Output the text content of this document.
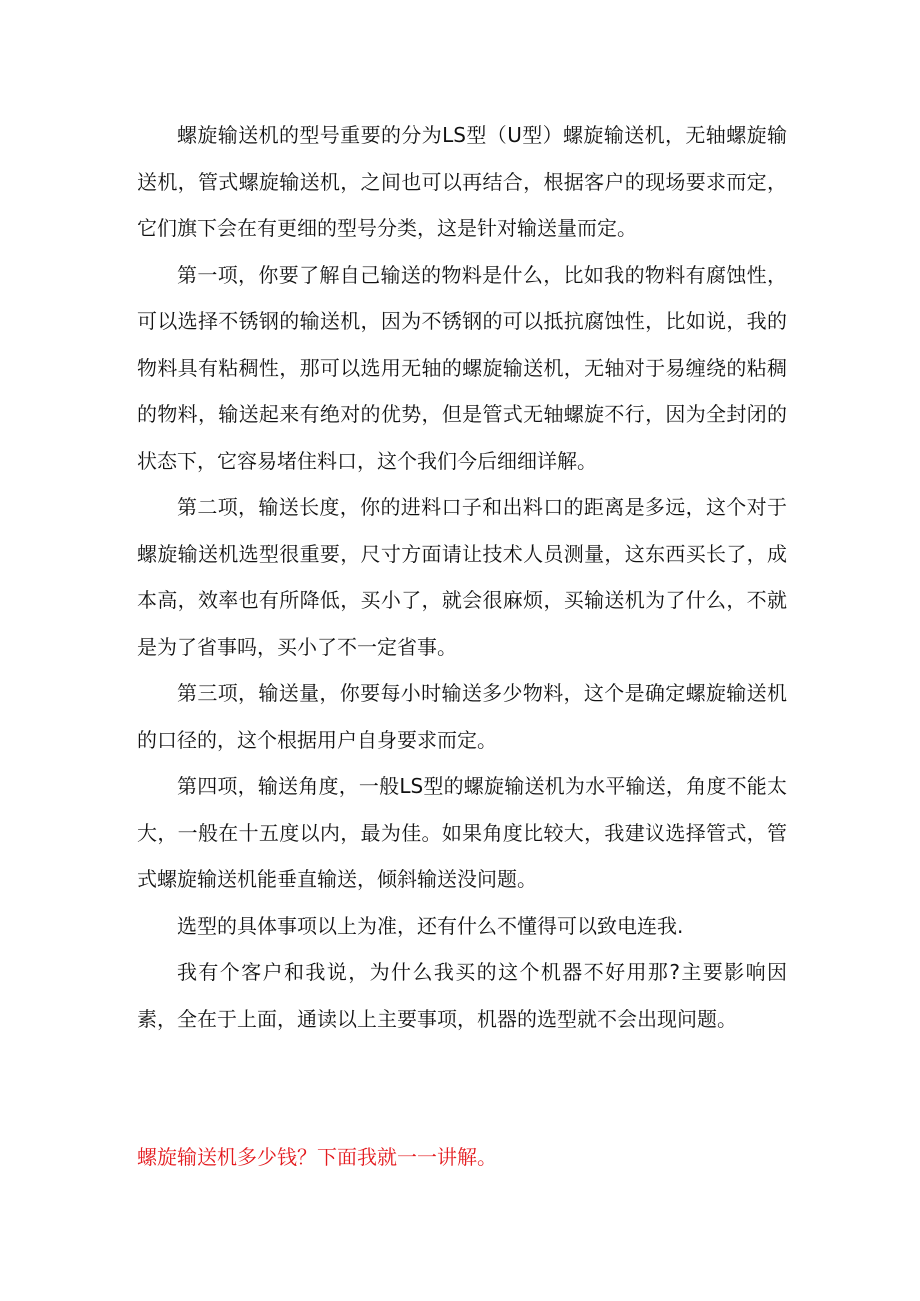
螺旋输送机的型号重要的分为LS型（U型）螺旋输送机，无轴螺旋输送机，管式螺旋输送机，之间也可以再结合，根据客户的现场要求而定，它们旗下会在有更细的型号分类，这是针对输送量而定。

第一项，你要了解自己输送的物料是什么，比如我的物料有腐蚀性，可以选择不锈钢的输送机，因为不锈钢的可以抵抗腐蚀性，比如说，我的物料具有粘稠性，那可以选用无轴的螺旋输送机，无轴对于易缠绕的粘稠的物料，输送起来有绝对的优势，但是管式无轴螺旋不行，因为全封闭的状态下，它容易堵住料口，这个我们今后细细详解。

第二项，输送长度，你的进料口子和出料口的距离是多远，这个对于螺旋输送机选型很重要，尺寸方面请让技术人员测量，这东西买长了，成本高，效率也有所降低，买小了，就会很麻烦，买输送机为了什么，不就是为了省事吗，买小了不一定省事。

第三项，输送量，你要每小时输送多少物料，这个是确定螺旋输送机的口径的，这个根据用户自身要求而定。

第四项，输送角度，一般LS型的螺旋输送机为水平输送，角度不能太大，一般在十五度以内，最为佳。如果角度比较大，我建议选择管式，管式螺旋输送机能垂直输送，倾斜输送没问题。

选型的具体事项以上为准，还有什么不懂得可以致电连我.

我有个客户和我说，为什么我买的这个机器不好用那?主要影响因素，全在于上面，通读以上主要事项，机器的选型就不会出现问题。

螺旋输送机多少钱？下面我就一一讲解。
